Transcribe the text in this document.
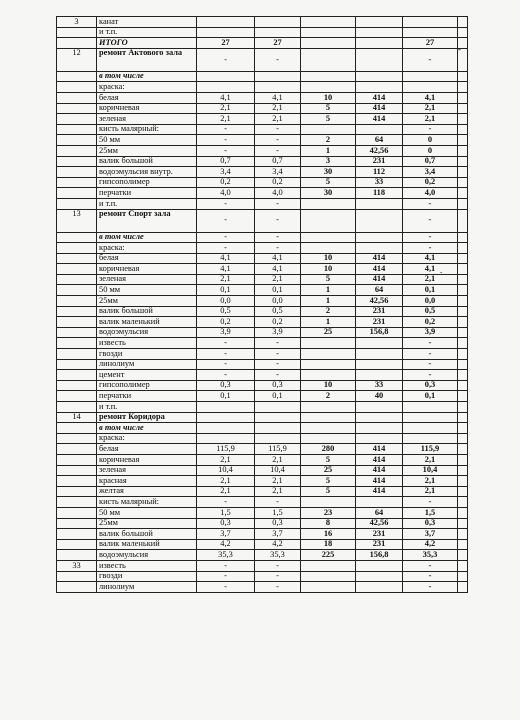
3	канат						
	и т.п.						
	ИТОГО	27	27			27	
12	ремонт Актового зала	-	-			-	
	в том числе						
	краска:						
	белая	4,1	4,1	10	414	4,1	
	коричневая	2,1	2,1	5	414	2,1	
	зеленая	2,1	2,1	5	414	2,1	
	кисть малярный:	-	-			-	
	50 мм	-	-	2	64	0	
	25мм	-	-	1	42,56	0	
	валик большой	0,7	0,7	3	231	0,7	
	водоэмульсия внутр.	3,4	3,4	30	112	3,4	
	гипсополимер	0,2	0,2	5	33	0,2	
	перчатки	4,0	4,0	30	118	4,0	
	и т.п.	-	-			-	
13	ремонт Спорт зала	-	-			-	
	в том числе	-	-			-	
	краска:	-	-			-	
	белая	4,1	4,1	10	414	4,1	
	коричневая	4,1	4,1	10	414	4,1	
	зеленая	2,1	2,1	5	414	2,1	
	50 мм	0,1	0,1	1	64	0,1	
	25мм	0,0	0,0	1	42,56	0,0	
	валик большой	0,5	0,5	2	231	0,5	
	валик маленький	0,2	0,2	1	231	0,2	
	водоэмульсия	3,9	3,9	25	156,8	3,9	
	известь	-	-			-	
	гвозди	-	-			-	
	линолиум	-	-			-	
	цемент	-	-			-	
	гипсополимер	0,3	0,3	10	33	0,3	
	перчатки	0,1	0,1	2	40	0,1	
	и т.п.						
14	ремонт Коридора						
	в том числе						
	краска:						
	белая	115,9	115,9	280	414	115,9	
	коричневая	2,1	2,1	5	414	2,1	
	зеленая	10,4	10,4	25	414	10,4	
	красная	2,1	2,1	5	414	2,1	
	желтая	2,1	2,1	5	414	2,1	
	кисть малярный:	-	-			-	
	50 мм	1,5	1,5	23	64	1,5	
	25мм	0,3	0,3	8	42,56	0,3	
	валик большой	3,7	3,7	16	231	3,7	
	валик маленький	4,2	4,2	18	231	4,2	
	водоэмульсия	35,3	35,3	225	156,8	35,3	
33	известь	-	-			-	
	гвозди	-	-			-	
	линолиум	-	-			-	
-
-
